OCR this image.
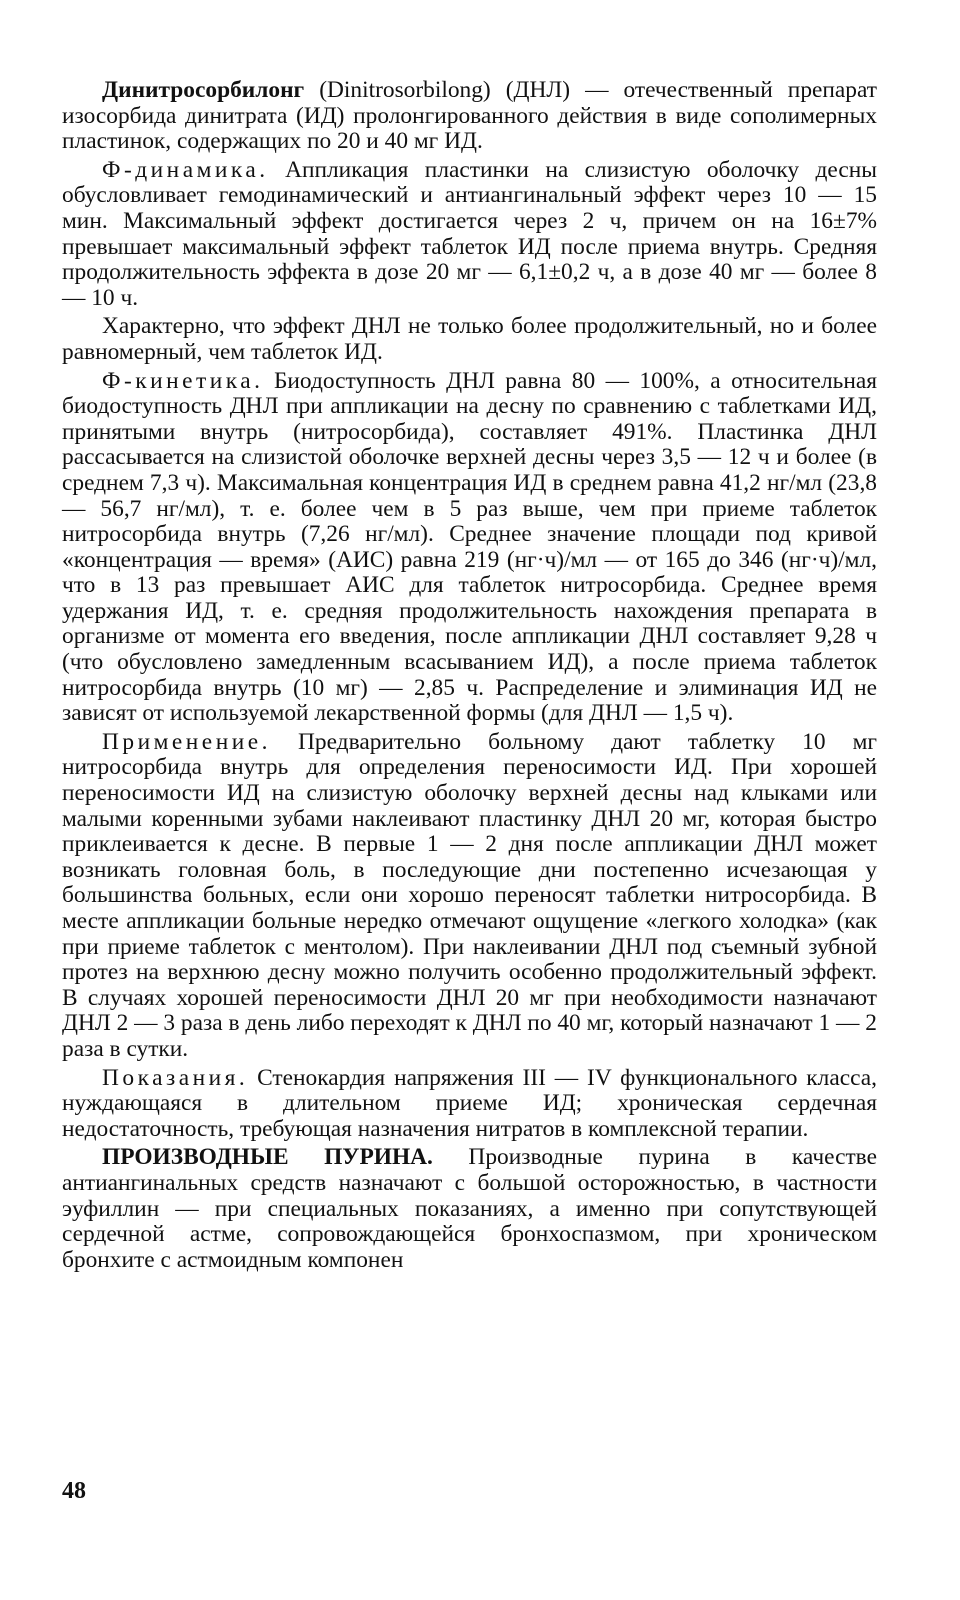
Динитросорбилонг (Dinitrosorbilong) (ДНЛ) — отечественный препарат изосорбида динитрата (ИД) пролонгированного действия в виде сополимерных пластинок, содержащих по 20 и 40 мг ИД.

Ф-динамика. Аппликация пластинки на слизистую оболочку десны обусловливает гемодинамический и антиангинальный эффект через 10 — 15 мин. Максимальный эффект достигается через 2 ч, причем он на 16±7% превышает максимальный эффект таблеток ИД после приема внутрь. Средняя продолжительность эффекта в дозе 20 мг — 6,1±0,2 ч, а в дозе 40 мг — более 8 — 10 ч.

Характерно, что эффект ДНЛ не только более продолжительный, но и более равномерный, чем таблеток ИД.

Ф-кинетика. Биодоступность ДНЛ равна 80 — 100%, а относительная биодоступность ДНЛ при аппликации на десну по сравнению с таблетками ИД, принятыми внутрь (нитросорбида), составляет 491%. Пластинка ДНЛ рассасывается на слизистой оболочке верхней десны через 3,5 — 12 ч и более (в среднем 7,3 ч). Максимальная концентрация ИД в среднем равна 41,2 нг/мл (23,8 — 56,7 нг/мл), т. е. более чем в 5 раз выше, чем при приеме таблеток нитросорбида внутрь (7,26 нг/мл). Среднее значение площади под кривой «концентрация — время» (АИС) равна 219 (нг·ч)/мл — от 165 до 346 (нг·ч)/мл, что в 13 раз превышает АИС для таблеток нитросорбида. Среднее время удержания ИД, т. е. средняя продолжительность нахождения препарата в организме от момента его введения, после аппликации ДНЛ составляет 9,28 ч (что обусловлено замедленным всасыванием ИД), а после приема таблеток нитросорбида внутрь (10 мг) — 2,85 ч. Распределение и элиминация ИД не зависят от используемой лекарственной формы (для ДНЛ — 1,5 ч).

Применение. Предварительно больному дают таблетку 10 мг нитросорбида внутрь для определения переносимости ИД. При хорошей переносимости ИД на слизистую оболочку верхней десны над клыками или малыми коренными зубами наклеивают пластинку ДНЛ 20 мг, которая быстро приклеивается к десне. В первые 1 — 2 дня после аппликации ДНЛ может возникать головная боль, в последующие дни постепенно исчезающая у большинства больных, если они хорошо переносят таблетки нитросорбида. В месте аппликации больные нередко отмечают ощущение «легкого холодка» (как при приеме таблеток с ментолом). При наклеивании ДНЛ под съемный зубной протез на верхнюю десну можно получить особенно продолжительный эффект. В случаях хорошей переносимости ДНЛ 20 мг при необходимости назначают ДНЛ 2 — 3 раза в день либо переходят к ДНЛ по 40 мг, который назначают 1 — 2 раза в сутки.

Показания. Стенокардия напряжения III — IV функционального класса, нуждающаяся в длительном приеме ИД; хроническая сердечная недостаточность, требующая назначения нитратов в комплексной терапии.

ПРОИЗВОДНЫЕ ПУРИНА. Производные пурина в качестве антиангинальных средств назначают с большой осторожностью, в частности эуфиллин — при специальных показаниях, а именно при сопутствующей сердечной астме, сопровождающейся бронхоспазмом, при хроническом бронхите с астмоидным компонен

48
